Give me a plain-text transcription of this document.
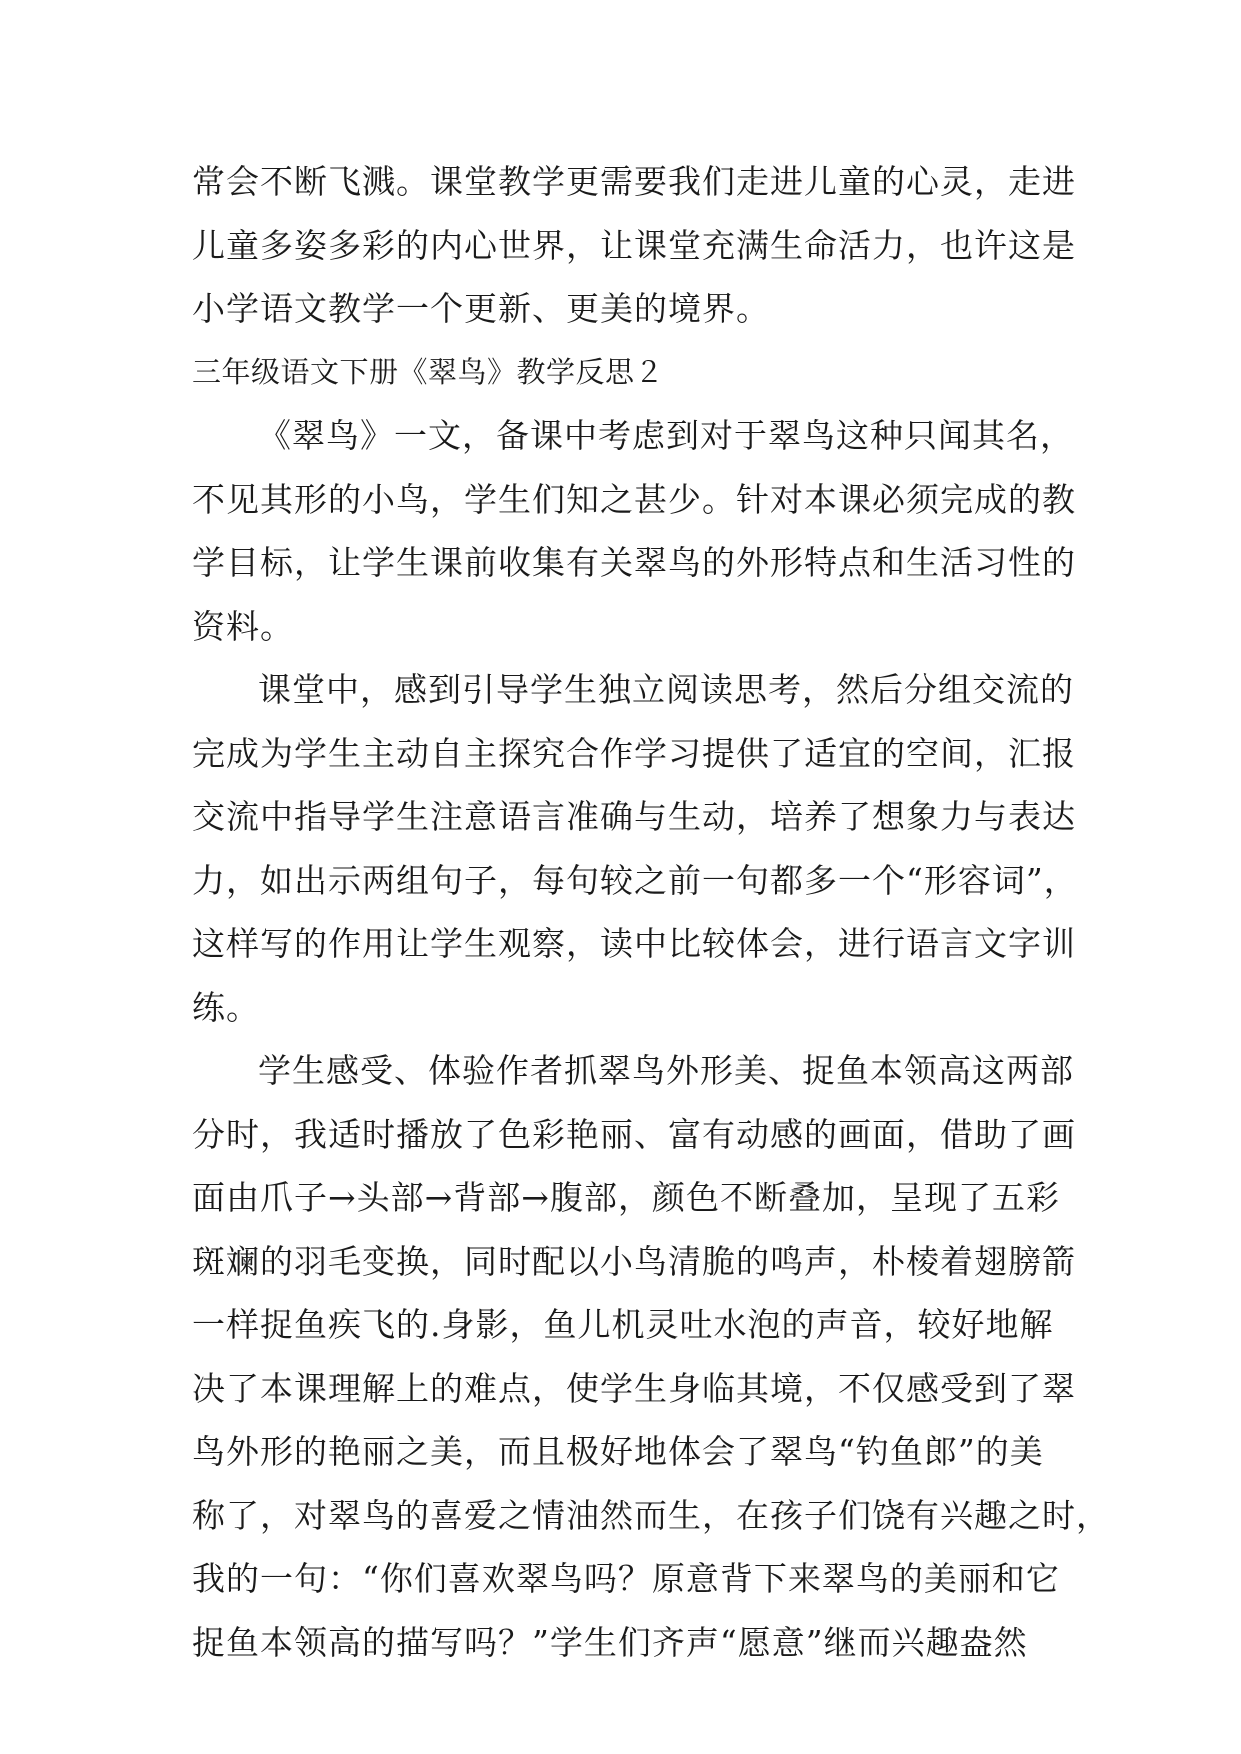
常会不断飞溅。课堂教学更需要我们走进儿童的心灵，走进
儿童多姿多彩的内心世界，让课堂充满生命活力，也许这是
小学语文教学一个更新、更美的境界。
三年级语文下册《翠鸟》教学反思２
《翠鸟》一文，备课中考虑到对于翠鸟这种只闻其名，
不见其形的小鸟，学生们知之甚少。针对本课必须完成的教
学目标，让学生课前收集有关翠鸟的外形特点和生活习性的
资料。
课堂中，感到引导学生独立阅读思考，然后分组交流的
完成为学生主动自主探究合作学习提供了适宜的空间，汇报
交流中指导学生注意语言准确与生动，培养了想象力与表达
力，如出示两组句子，每句较之前一句都多一个“形容词”，
这样写的作用让学生观察，读中比较体会，进行语言文字训
练。
学生感受、体验作者抓翠鸟外形美、捉鱼本领高这两部
分时，我适时播放了色彩艳丽、富有动感的画面，借助了画
面由爪子→头部→背部→腹部，颜色不断叠加，呈现了五彩
斑斓的羽毛变换，同时配以小鸟清脆的鸣声，朴棱着翅膀箭
一样捉鱼疾飞的.身影，鱼儿机灵吐水泡的声音，较好地解
决了本课理解上的难点，使学生身临其境，不仅感受到了翠
鸟外形的艳丽之美，而且极好地体会了翠鸟“钓鱼郎”的美
称了，对翠鸟的喜爱之情油然而生，在孩子们饶有兴趣之时，
我的一句：“你们喜欢翠鸟吗？原意背下来翠鸟的美丽和它
捉鱼本领高的描写吗？”学生们齐声“愿意”继而兴趣盎然
